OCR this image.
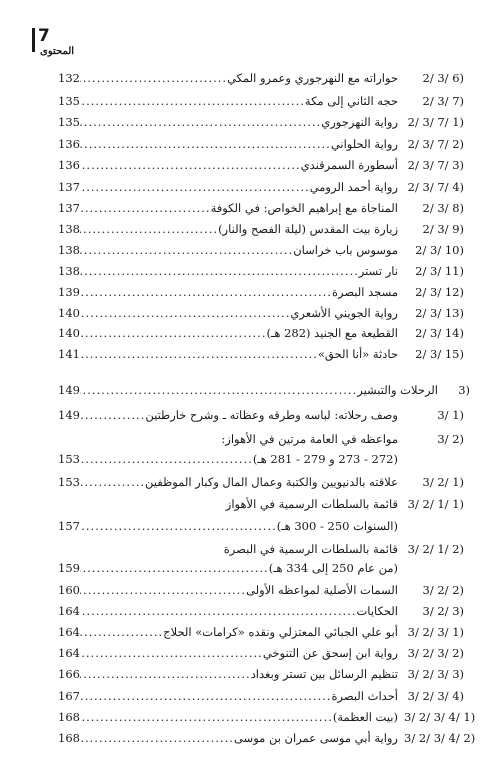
7
المحتوى
2/ 3/ 6)
حواراته مع النهرجوري وعمرو المكي
.....
132
2/ 3/ 7)
حجه الثاني إلى مكة
.....
135
2/ 3/ 7/ 1)
رواية النهرجوري
.....
135
2/ 3/ 7/ 2)
رواية الحلواني
.....
136
2/ 3/ 7/ 3)
أسطورة السمرقندي
.....
136
2/ 3/ 7/ 4)
رواية أحمد الرومي
.....
137
2/ 3/ 8)
المناجاة مع إبراهيم الخواص: في الكوفة
.....
137
2/ 3/ 9)
زيارة بيت المقدس (ليلة الفصح والنار)
.....
138
2/ 3/ 10)
موسوس باب خراسان
.....
138
2/ 3/ 11)
نار تستر
.....
138
2/ 3/ 12)
مسجد البصرة
.....
139
2/ 3/ 13)
رواية الجويني الأشعري
.....
140
2/ 3/ 14)
القطيعة مع الجنيد (282 هـ)
.....
140
2/ 3/ 15)
حادثة «أنا الحق»
.....
141
3)
الرحلات والتبشير
.....
149
3/ 1)
وصف رحلاته: لباسه وطرقه وعظاته ـ وشرح خارطتين
.....
149
3/ 2)
مواعظه في العامة مرتين في الأهواز:
(272 - 273 و 279 - 281 هـ)
.....
153
3/ 2/ 1)
علاقته بالدنيويين والكتبة وعمال المال وكبار الموظفين
.....
153
3/ 2/ 1/ 1)
قائمة بالسلطات الرسمية في الأهواز
(السنوات 250 - 300 هـ)
.....
157
3/ 2/ 1/ 2)
قائمة بالسلطات الرسمية في البصرة
(من عام 250 إلى 334 هـ)
.....
159
3/ 2/ 2)
السمات الأصلية لمواعظه الأولى
.....
160
3/ 2/ 3)
الحكايات
.....
164
3/ 2/ 3/ 1)
أبو علي الجبائي المعتزلي ونقده «كرامات» الحلاج
.....
164
3/ 2/ 3/ 2)
رواية ابن إسحق عن التنوخي
.....
164
3/ 2/ 3/ 3)
تنظيم الرسائل بين تستر وبغداد
.....
166
3/ 2/ 3/ 4)
أحداث البصرة
.....
167
3/ 2/ 3/ 4/ 1)
(بيت العظمة)
.....
168
3/ 2/ 3/ 4/ 2)
رواية أبي موسى عمران بن موسى
.....
168
